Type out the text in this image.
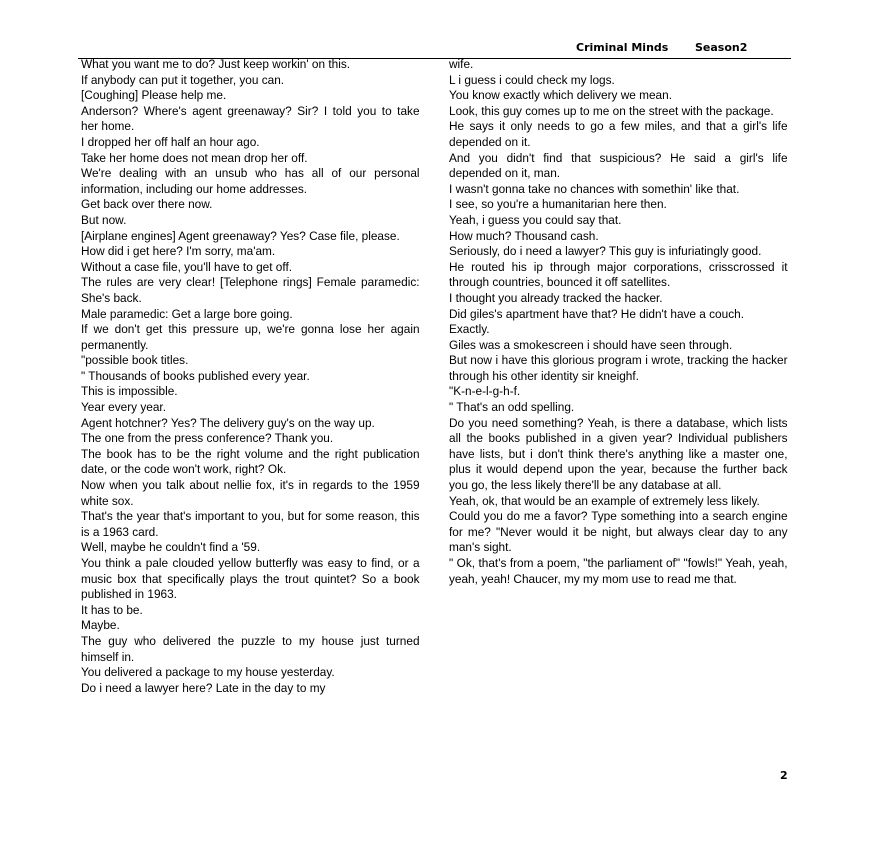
Criminal Minds Season2

What you want me to do? Just keep workin' on this.

If anybody can put it together, you can.

[Coughing] Please help me.

Anderson? Where's agent greenaway? Sir? I told you to take her home.

I dropped her off half an hour ago.

Take her home does not mean drop her off.

We're dealing with an unsub who has all of our personal information, including our home addresses.

Get back over there now.

But now.

[Airplane engines] Agent greenaway? Yes? Case file, please.

How did i get here? I'm sorry, ma'am.

Without a case file, you'll have to get off.

The rules are very clear! [Telephone rings] Female paramedic: She's back.

Male paramedic: Get a large bore going.

If we don't get this pressure up, we're gonna lose her again permanently.

"possible book titles.

" Thousands of books published every year.

This is impossible.

Year every year.

Agent hotchner? Yes? The delivery guy's on the way up.

The one from the press conference? Thank you.

The book has to be the right volume and the right publication date, or the code won't work, right? Ok.

Now when you talk about nellie fox, it's in regards to the 1959 white sox.

That's the year that's important to you, but for some reason, this is a 1963 card.

Well, maybe he couldn't find a '59.

You think a pale clouded yellow butterfly was easy to find, or a music box that specifically plays the trout quintet? So a book published in 1963.

It has to be.

Maybe.

The guy who delivered the puzzle to my house just turned himself in.

You delivered a package to my house yesterday.

Do i need a lawyer here? Late in the day to my

wife.

L i guess i could check my logs.

You know exactly which delivery we mean.

Look, this guy comes up to me on the street with the package.

He says it only needs to go a few miles, and that a girl's life depended on it.

And you didn't find that suspicious? He said a girl's life depended on it, man.

I wasn't gonna take no chances with somethin' like that.

I see, so you're a humanitarian here then.

Yeah, i guess you could say that.

How much? Thousand cash.

Seriously, do i need a lawyer? This guy is infuriatingly good.

He routed his ip through major corporations, crisscrossed it through countries, bounced it off satellites.

I thought you already tracked the hacker.

Did giles's apartment have that? He didn't have a couch.

Exactly.

Giles was a smokescreen i should have seen through.

But now i have this glorious program i wrote, tracking the hacker through his other identity sir kneighf.

"K-n-e-l-g-h-f.

" That's an odd spelling.

Do you need something? Yeah, is there a database, which lists all the books published in a given year? Individual publishers have lists, but i don't think there's anything like a master one, plus it would depend upon the year, because the further back you go, the less likely there'll be any database at all.

Yeah, ok, that would be an example of extremely less likely.

Could you do me a favor? Type something into a search engine for me? "Never would it be night, but always clear day to any man's sight.

" Ok, that's from a poem, "the parliament of" "fowls!" Yeah, yeah, yeah, yeah! Chaucer, my my mom use to read me that.

2
